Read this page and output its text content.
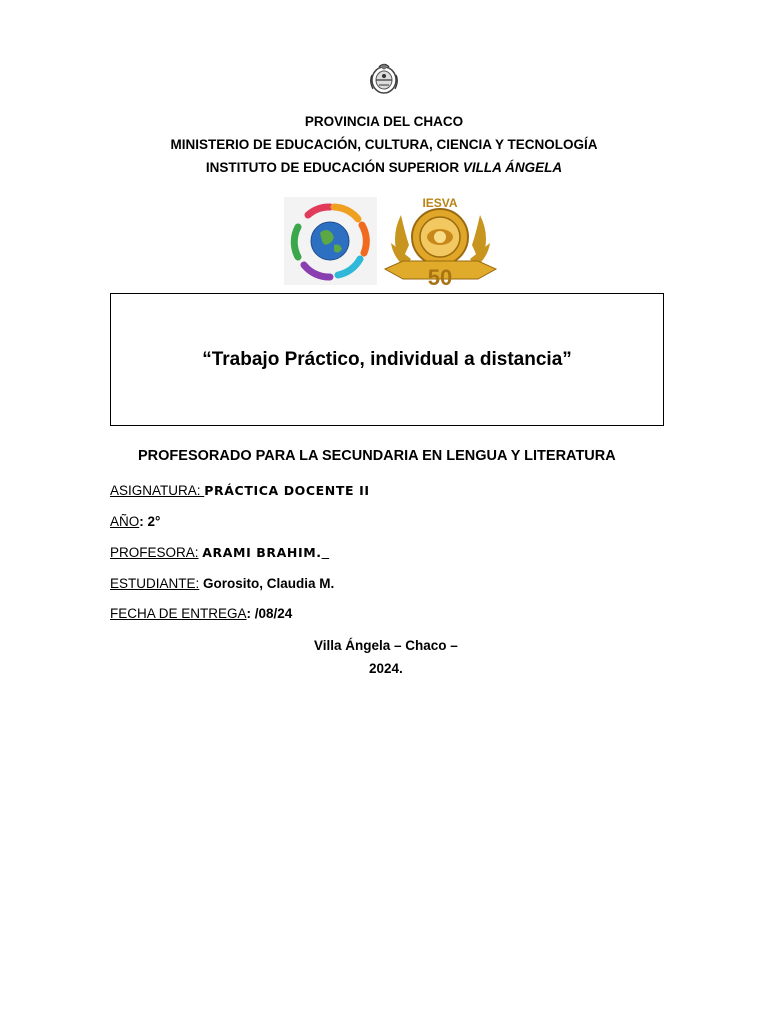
PROVINCIA DEL CHACO
MINISTERIO DE EDUCACIÓN, CULTURA, CIENCIA Y TECNOLOGÍA
INSTITUTO DE EDUCACIÓN SUPERIOR VILLA ÁNGELA
IESVA
50
“Trabajo Práctico, individual a distancia”
PROFESORADO PARA LA SECUNDARIA EN LENGUA Y LITERATURA
ASIGNATURA: PRÁCTICA DOCENTE II
AÑO: 2°
PROFESORA: ARAMI BRAHIM.
ESTUDIANTE: Gorosito, Claudia M.
FECHA DE ENTREGA: /08/24
Villa Ángela – Chaco –
2024.
